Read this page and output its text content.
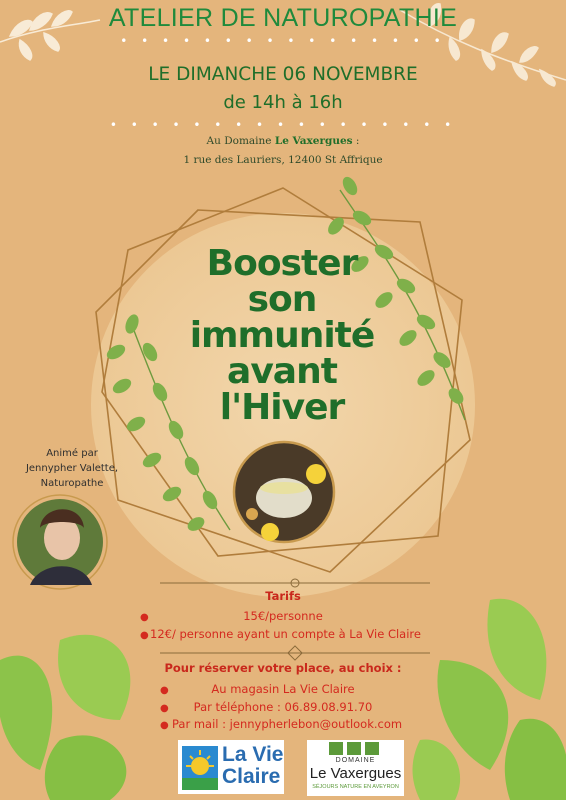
ATELIER DE NATUROPATHIE
• • • • • • • • • • • • • • • •
LE DIMANCHE 06 NOVEMBRE
de 14h à 16h
• • • • • • • • • • • • • • • • •
Au Domaine Le Vaxergues :
1 rue des Lauriers, 12400 St Affrique
Booster
son
immunité
avant
l'Hiver
Animé par
Jennypher Valette,
Naturopathe
Tarifs
●	15€/personne
● 12€/ personne ayant un compte à La Vie Claire
Pour réserver votre place, au choix :
●	Au magasin La Vie Claire
●	Par téléphone : 06.89.08.91.70
● Par mail : jennypherlebon@outlook.com
La Vie
Claire
DOMAINE
Le Vaxergues
SÉJOURS NATURE EN AVEYRON
